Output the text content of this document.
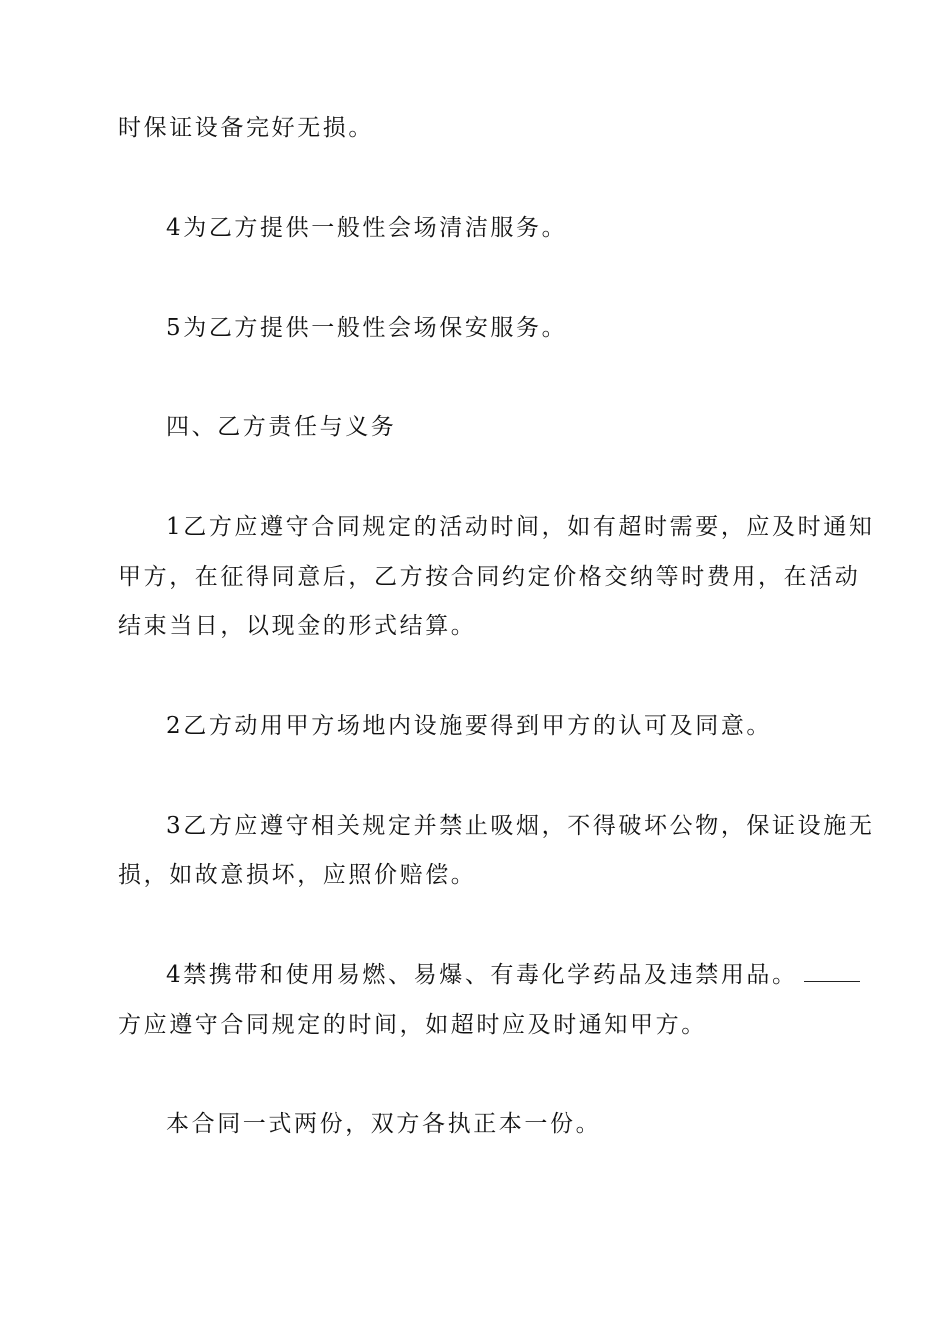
时保证设备完好无损。
4为乙方提供一般性会场清洁服务。
5为乙方提供一般性会场保安服务。
四、乙方责任与义务
1乙方应遵守合同规定的活动时间，如有超时需要，应及时通知
甲方，在征得同意后，乙方按合同约定价格交纳等时费用，在活动
结束当日，以现金的形式结算。
2乙方动用甲方场地内设施要得到甲方的认可及同意。
3乙方应遵守相关规定并禁止吸烟，不得破坏公物，保证设施无
损，如故意损坏，应照价赔偿。
4禁携带和使用易燃、易爆、有毒化学药品及违禁用品。
方应遵守合同规定的时间，如超时应及时通知甲方。
本合同一式两份，双方各执正本一份。
